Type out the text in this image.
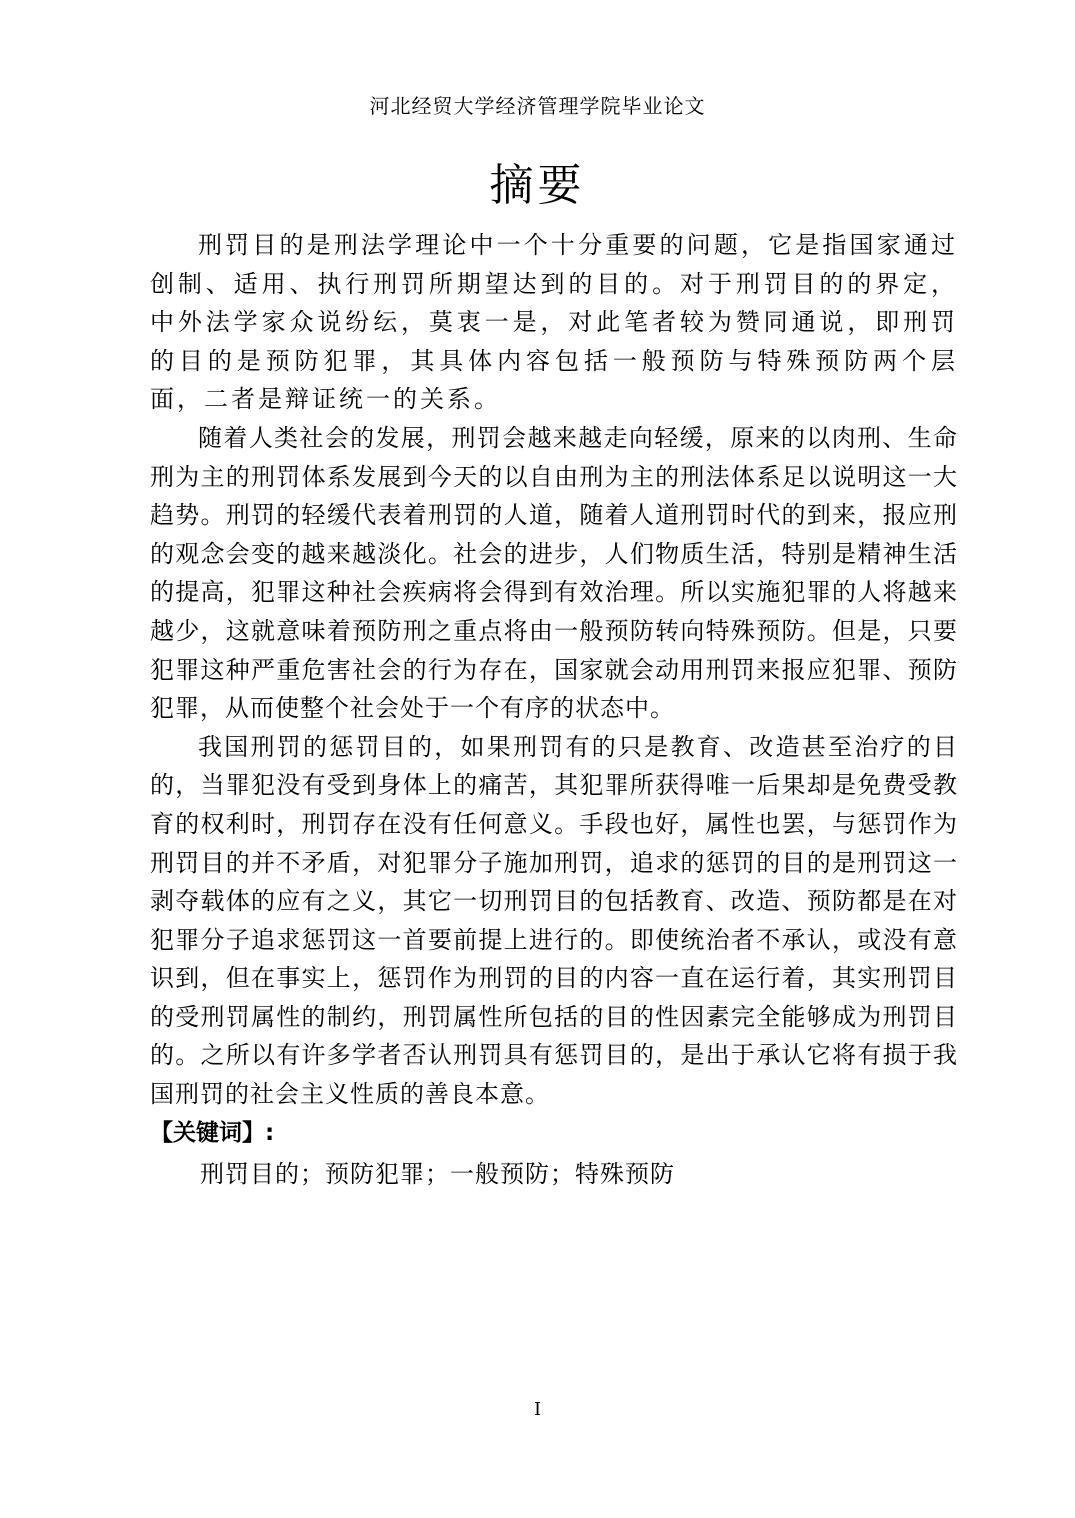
河北经贸大学经济管理学院毕业论文
摘要

刑罚目的是刑法学理论中一个十分重要的问题，它是指国家通过创制、适用、执行刑罚所期望达到的目的。对于刑罚目的的界定，中外法学家众说纷纭，莫衷一是，对此笔者较为赞同通说，即刑罚的目的是预防犯罪，其具体内容包括一般预防与特殊预防两个层面，二者是辩证统一的关系。

随着人类社会的发展，刑罚会越来越走向轻缓，原来的以肉刑、生命刑为主的刑罚体系发展到今天的以自由刑为主的刑法体系足以说明这一大趋势。刑罚的轻缓代表着刑罚的人道，随着人道刑罚时代的到来，报应刑的观念会变的越来越淡化。社会的进步，人们物质生活，特别是精神生活的提高，犯罪这种社会疾病将会得到有效治理。所以实施犯罪的人将越来越少，这就意味着预防刑之重点将由一般预防转向特殊预防。但是，只要犯罪这种严重危害社会的行为存在，国家就会动用刑罚来报应犯罪、预防犯罪，从而使整个社会处于一个有序的状态中。

我国刑罚的惩罚目的，如果刑罚有的只是教育、改造甚至治疗的目的，当罪犯没有受到身体上的痛苦，其犯罪所获得唯一后果却是免费受教育的权利时，刑罚存在没有任何意义。手段也好，属性也罢，与惩罚作为刑罚目的并不矛盾，对犯罪分子施加刑罚，追求的惩罚的目的是刑罚这一剥夺载体的应有之义，其它一切刑罚目的包括教育、改造、预防都是在对犯罪分子追求惩罚这一首要前提上进行的。即使统治者不承认，或没有意识到，但在事实上，惩罚作为刑罚的目的内容一直在运行着，其实刑罚目的受刑罚属性的制约，刑罚属性所包括的目的性因素完全能够成为刑罚目的。之所以有许多学者否认刑罚具有惩罚目的，是出于承认它将有损于我国刑罚的社会主义性质的善良本意。

【关键词】:

刑罚目的；预防犯罪；一般预防；特殊预防

I
